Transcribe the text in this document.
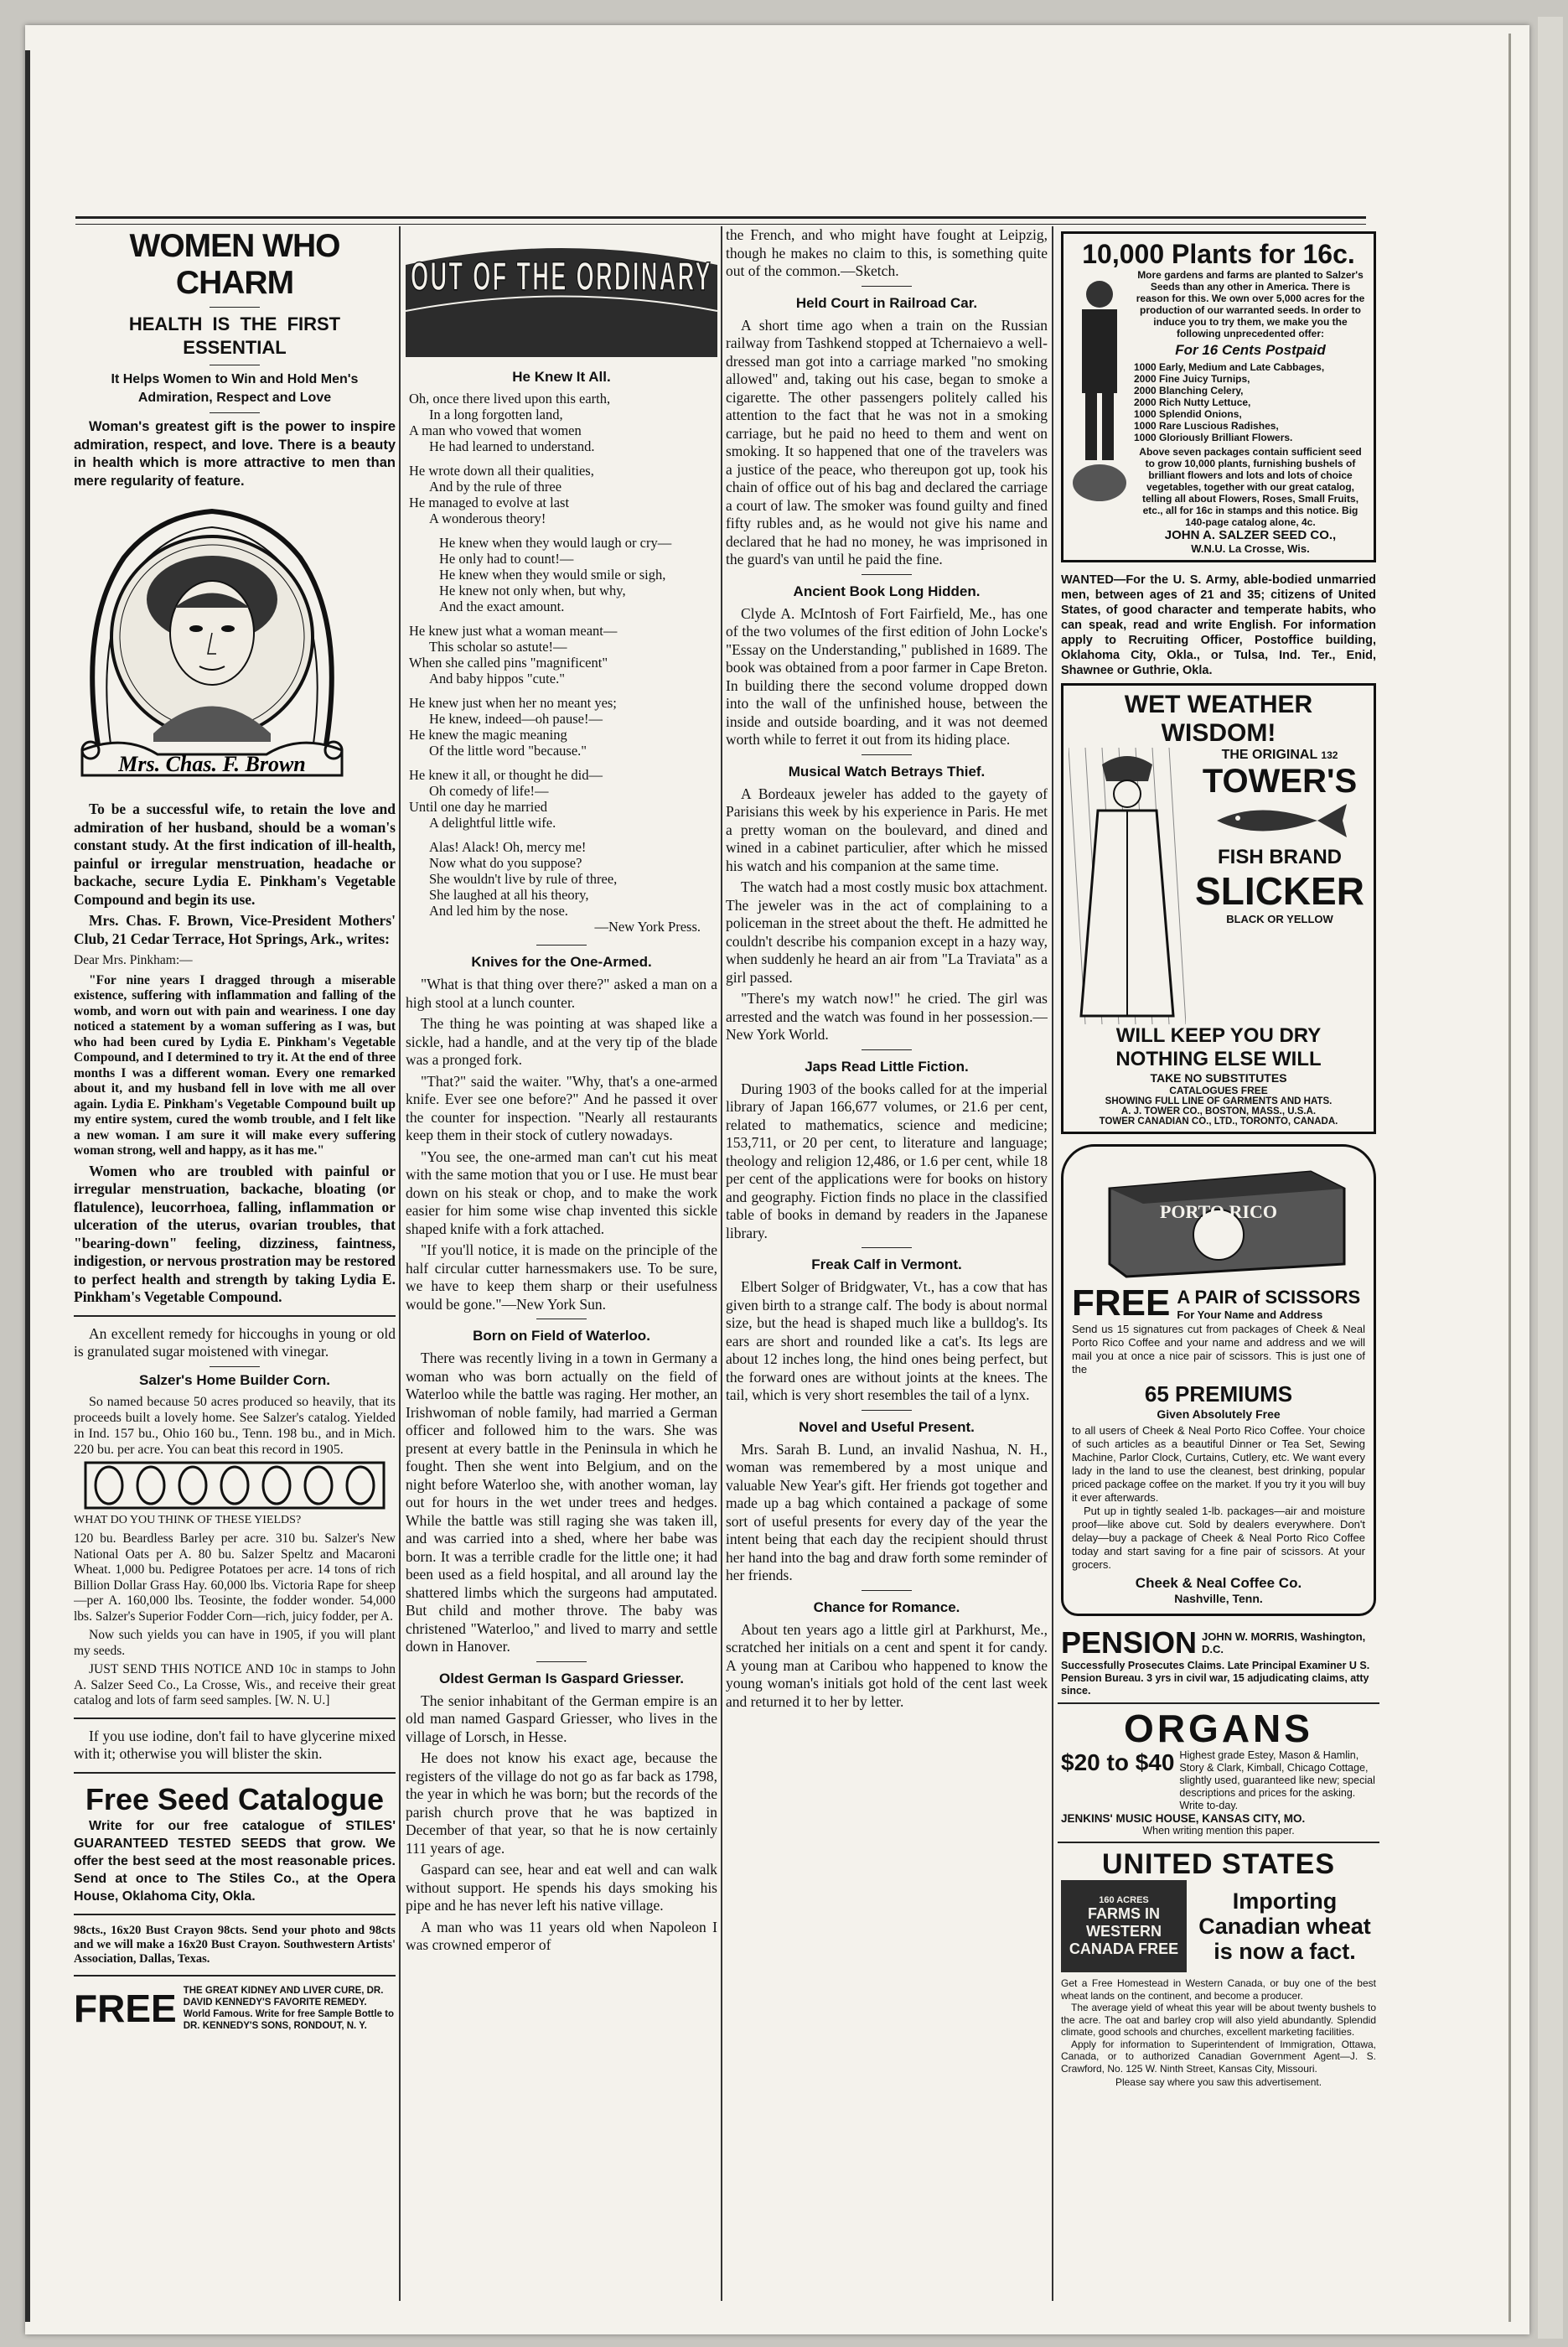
WOMEN WHO CHARM
HEALTH IS THE FIRST ESSENTIAL
It Helps Women to Win and Hold Men's Admiration, Respect and Love

Woman's greatest gift is the power to inspire admiration, respect, and love. There is a beauty in health which is more attractive to men than mere regularity of feature.

Mrs. Chas. F. Brown

To be a successful wife, to retain the love and admiration of her husband, should be a woman's constant study. At the first indication of ill-health, painful or irregular menstruation, headache or backache, secure Lydia E. Pinkham's Vegetable Compound and begin its use.

Mrs. Chas. F. Brown, Vice-President Mothers' Club, 21 Cedar Terrace, Hot Springs, Ark., writes:

Dear Mrs. Pinkham:—

"For nine years I dragged through a miserable existence, suffering with inflammation and falling of the womb, and worn out with pain and weariness. I one day noticed a statement by a woman suffering as I was, but who had been cured by Lydia E. Pinkham's Vegetable Compound, and I determined to try it. At the end of three months I was a different woman. Every one remarked about it, and my husband fell in love with me all over again. Lydia E. Pinkham's Vegetable Compound built up my entire system, cured the womb trouble, and I felt like a new woman. I am sure it will make every suffering woman strong, well and happy, as it has me."

Women who are troubled with painful or irregular menstruation, backache, bloating (or flatulence), leucorrhoea, falling, inflammation or ulceration of the uterus, ovarian troubles, that "bearing-down" feeling, dizziness, faintness, indigestion, or nervous prostration may be restored to perfect health and strength by taking Lydia E. Pinkham's Vegetable Compound.

An excellent remedy for hiccoughs in young or old is granulated sugar moistened with vinegar.

Salzer's Home Builder Corn.

So named because 50 acres produced so heavily, that its proceeds built a lovely home. See Salzer's catalog. Yielded in Ind. 157 bu., Ohio 160 bu., Tenn. 198 bu., and in Mich. 220 bu. per acre. You can beat this record in 1905.

WHAT DO YOU THINK OF THESE YIELDS?

120 bu. Beardless Barley per acre. 310 bu. Salzer's New National Oats per A. 80 bu. Salzer Speltz and Macaroni Wheat. 1,000 bu. Pedigree Potatoes per acre. 14 tons of rich Billion Dollar Grass Hay. 60,000 lbs. Victoria Rape for sheep—per A. 160,000 lbs. Teosinte, the fodder wonder. 54,000 lbs. Salzer's Superior Fodder Corn—rich, juicy fodder, per A.

Now such yields you can have in 1905, if you will plant my seeds.

JUST SEND THIS NOTICE AND 10c in stamps to John A. Salzer Seed Co., La Crosse, Wis., and receive their great catalog and lots of farm seed samples. [W. N. U.]

If you use iodine, don't fail to have glycerine mixed with it; otherwise you will blister the skin.

Free Seed Catalogue

Write for our free catalogue of STILES' GUARANTEED TESTED SEEDS that grow. We offer the best seed at the most reasonable prices. Send at once to The Stiles Co., at the Opera House, Oklahoma City, Okla.

98cts., 16x20 Bust Crayon 98cts. Send your photo and 98cts and we will make a 16x20 Bust Crayon. Southwestern Artists' Association, Dallas, Texas.

FREE THE GREAT KIDNEY AND LIVER CURE, DR. DAVID KENNEDY'S FAVORITE REMEDY. World Famous. Write for free Sample Bottle to DR. KENNEDY'S SONS, RONDOUT, N. Y.
OUT OF THE ORDINARY
He Knew It All.
Oh, once there lived upon this earth,
In a long forgotten land,
A man who vowed that women
He had learned to understand.

He wrote down all their qualities,
And by the rule of three
He managed to evolve at last
A wonderous theory!

He knew when they would laugh or cry—
He only had to count!—
He knew when they would smile or sigh,
He knew not only when, but why,
And the exact amount.

He knew just what a woman meant—
This scholar so astute!—
When she called pins "magnificent"
And baby hippos "cute."

He knew just when her no meant yes;
He knew, indeed—oh pause!—
He knew the magic meaning
Of the little word "because."

He knew it all, or thought he did—
Oh comedy of life!—
Until one day he married
A delightful little wife.

Alas! Alack! Oh, mercy me!
Now what do you suppose?
She wouldn't live by rule of three,
She laughed at all his theory,
And led him by the nose.
—New York Press.
Knives for the One-Armed.

"What is that thing over there?" asked a man on a high stool at a lunch counter.

The thing he was pointing at was shaped like a sickle, had a handle, and at the very tip of the blade was a pronged fork.

"That?" said the waiter. "Why, that's a one-armed knife. Ever see one before?" And he passed it over the counter for inspection. "Nearly all restaurants keep them in their stock of cutlery nowadays.

"You see, the one-armed man can't cut his meat with the same motion that you or I use. He must bear down on his steak or chop, and to make the work easier for him some wise chap invented this sickle shaped knife with a fork attached.

"If you'll notice, it is made on the principle of the half circular cutter harnessmakers use. To be sure, we have to keep them sharp or their usefulness would be gone."—New York Sun.

Born on Field of Waterloo.

There was recently living in a town in Germany a woman who was born actually on the field of Waterloo while the battle was raging. Her mother, an Irishwoman of noble family, had married a German officer and followed him to the wars. She was present at every battle in the Peninsula in which he fought. Then she went into Belgium, and on the night before Waterloo she, with another woman, lay out for hours in the wet under trees and hedges. While the battle was still raging she was taken ill, and was carried into a shed, where her babe was born. It was a terrible cradle for the little one; it had been used as a field hospital, and all around lay the shattered limbs which the surgeons had amputated. But child and mother throve. The baby was christened "Waterloo," and lived to marry and settle down in Hanover.

Oldest German Is Gaspard Griesser.

The senior inhabitant of the German empire is an old man named Gaspard Griesser, who lives in the village of Lorsch, in Hesse.

He does not know his exact age, because the registers of the village do not go as far back as 1798, the year in which he was born; but the records of the parish church prove that he was baptized in December of that year, so that he is now certainly 111 years of age.

Gaspard can see, hear and eat well and can walk without support. He spends his days smoking his pipe and he has never left his native village.

A man who was 11 years old when Napoleon I was crowned emperor of

the French, and who might have fought at Leipzig, though he makes no claim to this, is something quite out of the common.—Sketch.

Held Court in Railroad Car.

A short time ago when a train on the Russian railway from Tashkend stopped at Tchernaievo a well-dressed man got into a carriage marked "no smoking allowed" and, taking out his case, began to smoke a cigarette. The other passengers politely called his attention to the fact that he was not in a smoking carriage, but he paid no heed to them and went on smoking. It so happened that one of the travelers was a justice of the peace, who thereupon got up, took his chain of office out of his bag and declared the carriage a court of law. The smoker was found guilty and fined fifty rubles and, as he would not give his name and declared that he had no money, he was imprisoned in the guard's van until he paid the fine.

Ancient Book Long Hidden.

Clyde A. McIntosh of Fort Fairfield, Me., has one of the two volumes of the first edition of John Locke's "Essay on the Understanding," published in 1689. The book was obtained from a poor farmer in Cape Breton. In building there the second volume dropped down into the wall of the unfinished house, between the inside and outside boarding, and it was not deemed worth while to ferret it out from its hiding place.

Musical Watch Betrays Thief.

A Bordeaux jeweler has added to the gayety of Parisians this week by his experience in Paris. He met a pretty woman on the boulevard, and dined and wined in a cabinet particulier, after which he missed his watch and his companion at the same time.

The watch had a most costly music box attachment. The jeweler was in the act of complaining to a policeman in the street about the theft. He admitted he couldn't describe his companion except in a hazy way, when suddenly he heard an air from "La Traviata" as a girl passed.

"There's my watch now!" he cried. The girl was arrested and the watch was found in her possession.—New York World.

Japs Read Little Fiction.

During 1903 of the books called for at the imperial library of Japan 166,677 volumes, or 21.6 per cent, related to mathematics, science and medicine; 153,711, or 20 per cent, to literature and language; theology and religion 12,486, or 1.6 per cent, while 18 per cent of the applications were for books on history and geography. Fiction finds no place in the classified table of books in demand by readers in the Japanese library.

Freak Calf in Vermont.

Elbert Solger of Bridgwater, Vt., has a cow that has given birth to a strange calf. The body is about normal size, but the head is shaped much like a bulldog's. Its ears are short and rounded like a cat's. Its legs are about 12 inches long, the hind ones being perfect, but the forward ones are without joints at the knees. The tail, which is very short resembles the tail of a lynx.

Novel and Useful Present.

Mrs. Sarah B. Lund, an invalid Nashua, N. H., woman was remembered by a most unique and valuable New Year's gift. Her friends got together and made up a bag which contained a package of some sort of useful presents for every day of the year the intent being that each day the recipient should thrust her hand into the bag and draw forth some reminder of her friends.

Chance for Romance.

About ten years ago a little girl at Parkhurst, Me., scratched her initials on a cent and spent it for candy. A young man at Caribou who happened to know the young woman's initials got hold of the cent last week and returned it to her by letter.

10,000 Plants for 16c.
More gardens and farms are planted to Salzer's Seeds than any other in America. There is reason for this. We own over 5,000 acres for the production of our warranted seeds. In order to induce you to try them, we make you the following unprecedented offer:
For 16 Cents Postpaid
1000 Early, Medium and Late Cabbages,
2000 Fine Juicy Turnips,
2000 Blanching Celery,
2000 Rich Nutty Lettuce,
1000 Splendid Onions,
1000 Rare Luscious Radishes,
1000 Gloriously Brilliant Flowers.
Above seven packages contain sufficient seed to grow 10,000 plants, furnishing bushels of brilliant flowers and lots and lots of choice vegetables, together with our great catalog, telling all about Flowers, Roses, Small Fruits, etc., all for 16c in stamps and this notice. Big 140-page catalog alone, 4c.
JOHN A. SALZER SEED CO.,
W.N.U. La Crosse, Wis.

WANTED—For the U. S. Army, able-bodied unmarried men, between ages of 21 and 35; citizens of United States, of good character and temperate habits, who can speak, read and write English. For information apply to Recruiting Officer, Postoffice building, Oklahoma City, Okla., or Tulsa, Ind. Ter., Enid, Shawnee or Guthrie, Okla.

WET WEATHER WISDOM!
THE ORIGINAL 132
TOWER'S
FISH BRAND
SLICKER
BLACK OR YELLOW
WILL KEEP YOU DRY
NOTHING ELSE WILL
TAKE NO SUBSTITUTES
CATALOGUES FREE
SHOWING FULL LINE OF GARMENTS AND HATS.
A. J. TOWER CO., BOSTON, MASS., U.S.A.
TOWER CANADIAN CO., LTD., TORONTO, CANADA.
PORTO RICO
FREE A PAIR of SCISSORS
For Your Name and Address
Send us 15 signatures cut from packages of Cheek & Neal Porto Rico Coffee and your name and address and we will mail you at once a nice pair of scissors. This is just one of the
65 PREMIUMS
Given Absolutely Free
to all users of Cheek & Neal Porto Rico Coffee. Your choice of such articles as a beautiful Dinner or Tea Set, Sewing Machine, Parlor Clock, Curtains, Cutlery, etc. We want every lady in the land to use the cleanest, best drinking, popular priced package coffee on the market. If you try it you will buy it ever afterwards.
Put up in tightly sealed 1-lb. packages—air and moisture proof—like above cut. Sold by dealers everywhere. Don't delay—buy a package of Cheek & Neal Porto Rico Coffee today and start saving for a fine pair of scissors. At your grocers.
Cheek & Neal Coffee Co.
Nashville, Tenn.
PENSION JOHN W. MORRIS, Washington, D.C.
Successfully Prosecutes Claims. Late Principal Examiner U S. Pension Bureau. 3 yrs in civil war, 15 adjudicating claims, atty since.
ORGANS
$20 to $40 Highest grade Estey, Mason & Hamlin, Story & Clark, Kimball, Chicago Cottage, slightly used, guaranteed like new; special descriptions and prices for the asking. Write to-day.
JENKINS' MUSIC HOUSE, KANSAS CITY, MO.
When writing mention this paper.
UNITED STATES
160 ACRES
FARMS IN WESTERN CANADA FREE
Importing Canadian wheat is now a fact.
Get a Free Homestead in Western Canada, or buy one of the best wheat lands on the continent, and become a producer.
The average yield of wheat this year will be about twenty bushels to the acre. The oat and barley crop will also yield abundantly. Splendid climate, good schools and churches, excellent marketing facilities.
Apply for information to Superintendent of Immigration, Ottawa, Canada, or to authorized Canadian Government Agent—J. S. Crawford, No. 125 W. Ninth Street, Kansas City, Missouri.
Please say where you saw this advertisement.
